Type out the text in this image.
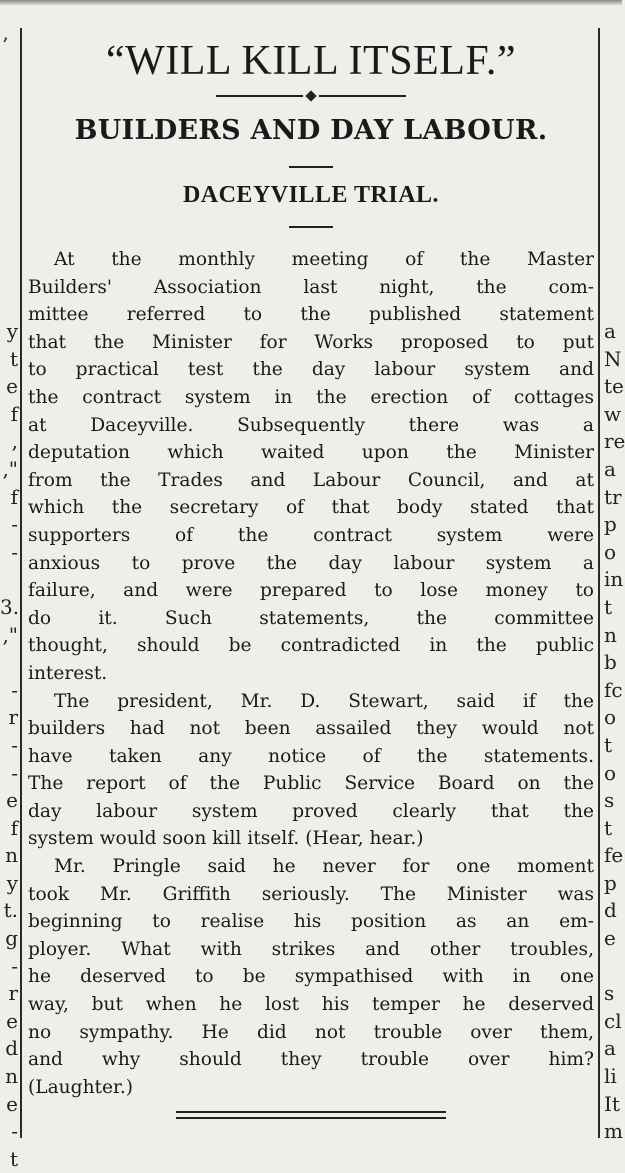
’
y
t
e
f
,
,"
f
-
-

3.
,"

-
r
-
-
e
f
n
y
t.
g
-
r
e
d
n
e
-
t
a
N
te
w
re
a
tr
p
o
in
t
n
b
fc
o
t
o
s
t
fe
p
d
e

s
cl
a
li
It
m
“WILL KILL ITSELF.”
BUILDERS AND DAY LABOUR.
DACEYVILLE TRIAL.
At the monthly meeting of the Master
Builders' Association last night, the com-
mittee referred to the published statement
that the Minister for Works proposed to put
to practical test the day labour system and
the contract system in the erection of cottages
at Daceyville. Subsequently there was a
deputation which waited upon the Minister
from the Trades and Labour Council, and at
which the secretary of that body stated that
supporters of the contract system were
anxious to prove the day labour system a
failure, and were prepared to lose money to
do it. Such statements, the committee
thought, should be contradicted in the public
interest.
The president, Mr. D. Stewart, said if the
builders had not been assailed they would not
have taken any notice of the statements.
The report of the Public Service Board on the
day labour system proved clearly that the
system would soon kill itself. (Hear, hear.)
Mr. Pringle said he never for one moment
took Mr. Griffith seriously. The Minister was
beginning to realise his position as an em-
ployer. What with strikes and other troubles,
he deserved to be sympathised with in one
way, but when he lost his temper he deserved
no sympathy. He did not trouble over them,
and why should they trouble over him?
(Laughter.)
